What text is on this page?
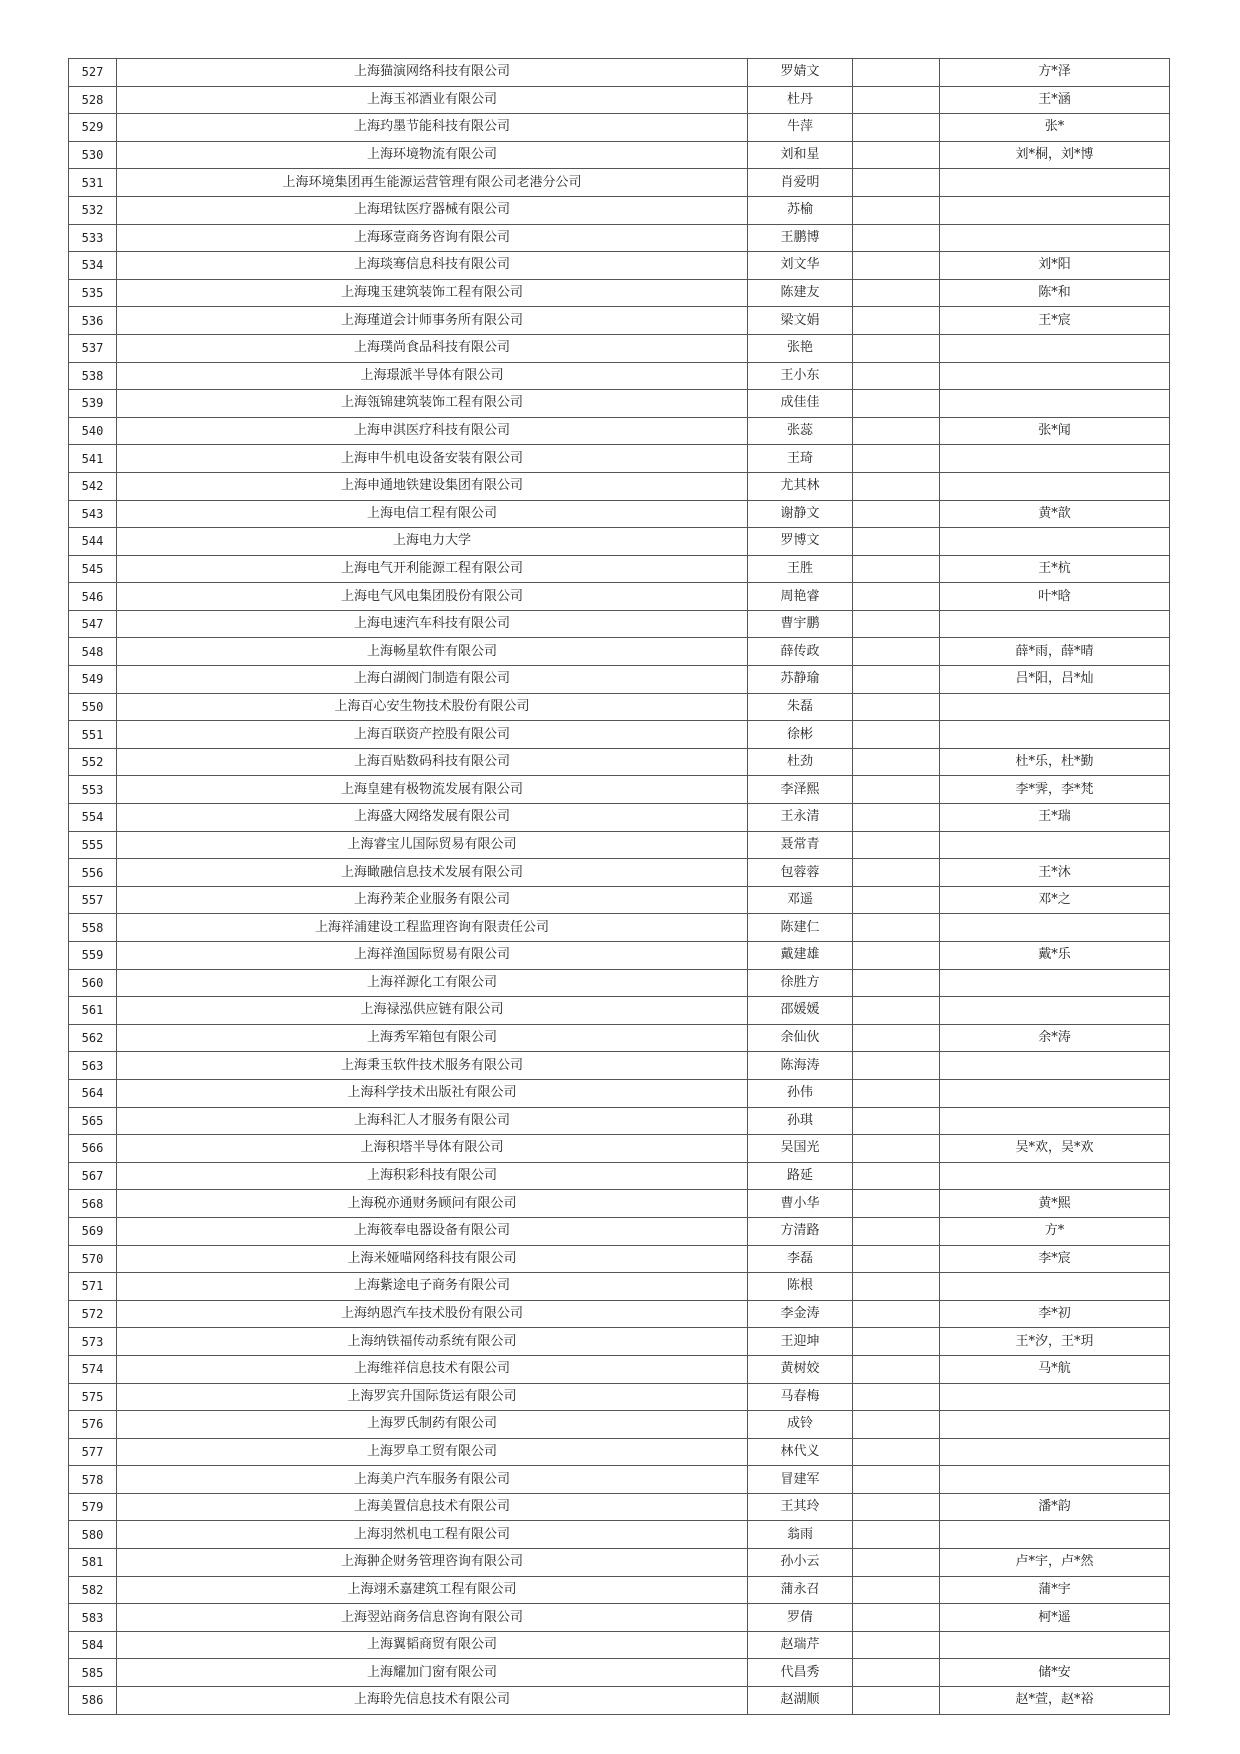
527	上海猫演网络科技有限公司	罗婧文		方*泽
528	上海玉祁酒业有限公司	杜丹		王*涵
529	上海玓墨节能科技有限公司	牛萍		张*
530	上海环境物流有限公司	刘和星		刘*桐，刘*博
531	上海环境集团再生能源运营管理有限公司老港分公司	肖爱明		
532	上海珺钛医疗器械有限公司	苏榆		
533	上海琢壹商务咨询有限公司	王鹏博		
534	上海琰骞信息科技有限公司	刘文华		刘*阳
535	上海瑰玉建筑装饰工程有限公司	陈建友		陈*和
536	上海瑾道会计师事务所有限公司	梁文娟		王*宸
537	上海璞尚食品科技有限公司	张艳		
538	上海璟派半导体有限公司	王小东		
539	上海瓴锦建筑装饰工程有限公司	成佳佳		
540	上海申淇医疗科技有限公司	张蕊		张*闻
541	上海申牛机电设备安装有限公司	王琦		
542	上海申通地铁建设集团有限公司	尤其林		
543	上海电信工程有限公司	谢静文		黄*歆
544	上海电力大学	罗博文		
545	上海电气开利能源工程有限公司	王胜		王*杭
546	上海电气风电集团股份有限公司	周艳睿		叶*晗
547	上海电速汽车科技有限公司	曹宇鹏		
548	上海畅星软件有限公司	薛传政		薛*雨，薛*晴
549	上海白湖阀门制造有限公司	苏静瑜		吕*阳，吕*灿
550	上海百心安生物技术股份有限公司	朱磊		
551	上海百联资产控股有限公司	徐彬		
552	上海百贴数码科技有限公司	杜劲		杜*乐，杜*勤
553	上海皇建有极物流发展有限公司	李泽熙		李*霁，李*梵
554	上海盛大网络发展有限公司	王永清		王*瑞
555	上海睿宝儿国际贸易有限公司	聂常青		
556	上海瞰融信息技术发展有限公司	包蓉蓉		王*沐
557	上海矜茉企业服务有限公司	邓遥		邓*之
558	上海祥浦建设工程监理咨询有限责任公司	陈建仁		
559	上海祥渔国际贸易有限公司	戴建雄		戴*乐
560	上海祥源化工有限公司	徐胜方		
561	上海禄泓供应链有限公司	邵媛媛		
562	上海秀军箱包有限公司	余仙伙		余*涛
563	上海秉玉软件技术服务有限公司	陈海涛		
564	上海科学技术出版社有限公司	孙伟		
565	上海科汇人才服务有限公司	孙琪		
566	上海积塔半导体有限公司	吴国光		吴*欢，吴*欢
567	上海积彩科技有限公司	路延		
568	上海税亦通财务顾问有限公司	曹小华		黄*熙
569	上海筱奉电器设备有限公司	方清路		方*
570	上海米娅喵网络科技有限公司	李磊		李*宸
571	上海紫途电子商务有限公司	陈根		
572	上海纳恩汽车技术股份有限公司	李金涛		李*初
573	上海纳铁福传动系统有限公司	王迎坤		王*汐，王*玥
574	上海维祥信息技术有限公司	黄树姣		马*航
575	上海罗宾升国际货运有限公司	马春梅		
576	上海罗氏制药有限公司	成铃		
577	上海罗阜工贸有限公司	林代义		
578	上海美户汽车服务有限公司	冒建军		
579	上海美置信息技术有限公司	王其玲		潘*韵
580	上海羽然机电工程有限公司	翁雨		
581	上海翀企财务管理咨询有限公司	孙小云		卢*宇，卢*然
582	上海翊禾嘉建筑工程有限公司	蒲永召		蒲*宇
583	上海翌站商务信息咨询有限公司	罗倩		柯*遥
584	上海翼韬商贸有限公司	赵瑞芹		
585	上海耀加门窗有限公司	代昌秀		储*安
586	上海聆先信息技术有限公司	赵湖顺		赵*萱，赵*裕
